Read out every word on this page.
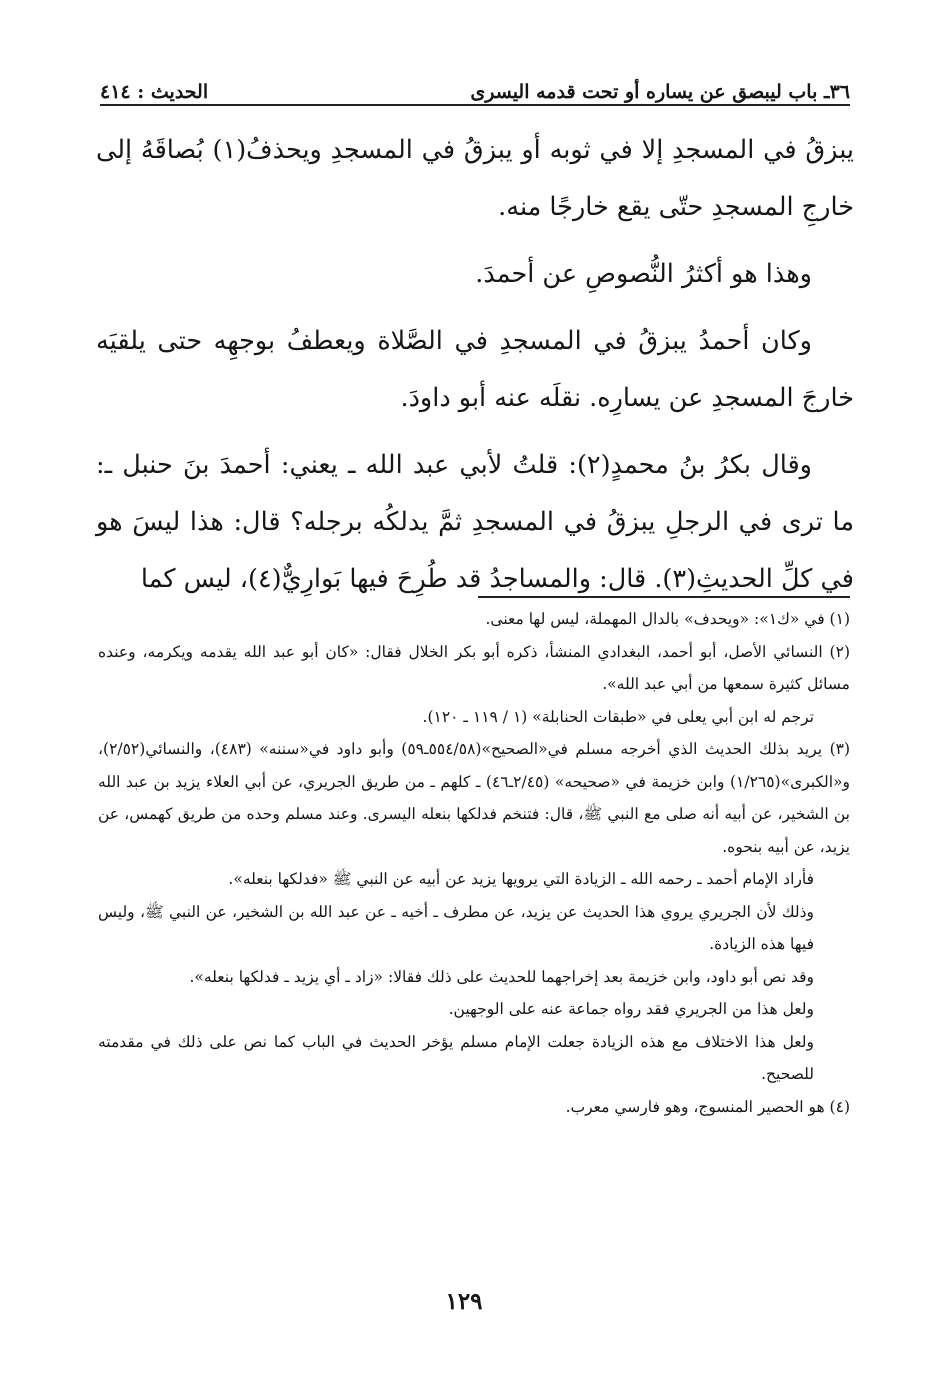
٣٦ـ باب ليبصق عن يساره أو تحت قدمه اليسرى
الحديث : ٤١٤

يبزقُ في المسجدِ إلا في ثوبه أو يبزقُ في المسجدِ ويحذفُ(١) بُصاقَهُ إلى خارجِ المسجدِ حتّى يقع خارجًا منه.

وهذا هو أكثرُ النُّصوصِ عن أحمدَ.

وكان أحمدُ يبزقُ في المسجدِ في الصَّلاة ويعطفُ بوجهِه حتى يلقيَه خارجَ المسجدِ عن يسارِه. نقلَه عنه أبو داودَ.

وقال بكرُ بنُ محمدٍ(٢): قلتُ لأبي عبد الله ـ يعني: أحمدَ بنَ حنبل ـ: ما ترى في الرجلِ يبزقُ في المسجدِ ثمَّ يدلكُه برجله؟ قال: هذا ليسَ هو في كلِّ الحديثِ(٣). قال: والمساجدُ قد طُرِحَ فيها بَوارِيٌّ(٤)، ليس كما

(١) في «ك١»: «ويحدف» بالدال المهملة، ليس لها معنى.

(٢) النسائي الأصل، أبو أحمد، البغدادي المنشأ، ذكره أبو بكر الخلال فقال: «كان أبو عبد الله يقدمه ويكرمه، وعنده مسائل كثيرة سمعها من أبي عبد الله».

ترجم له ابن أبي يعلى في «طبقات الحنابلة» (١ / ١١٩ ـ ١٢٠).

(٣) يريد بذلك الحديث الذي أخرجه مسلم في«الصحيح»(٥٥٤/٥٨ـ٥٩) وأبو داود في«سننه» (٤٨٣)، والنسائي(٢/٥٢)، و«الكبرى»(١/٢٦٥) وابن خزيمة في «صحيحه» (٢/٤٥ـ٤٦) ـ كلهم ـ من طريق الجريري، عن أبي العلاء يزيد بن عبد الله بن الشخير، عن أبيه أنه صلى مع النبي ﷺ، قال: فتنخم فدلكها بنعله اليسرى. وعند مسلم وحده من طريق كهمس، عن يزيد، عن أبيه بنحوه.

فأراد الإمام أحمد ـ رحمه الله ـ الزيادة التي يرويها يزيد عن أبيه عن النبي ﷺ «فدلكها بنعله».

وذلك لأن الجريري يروي هذا الحديث عن يزيد، عن مطرف ـ أخيه ـ عن عبد الله بن الشخير، عن النبي ﷺ، وليس فيها هذه الزيادة.

وقد نص أبو داود، وابن خزيمة بعد إخراجهما للحديث على ذلك فقالا: «زاد ـ أي يزيد ـ فدلكها بنعله».

ولعل هذا من الجريري فقد رواه جماعة عنه على الوجهين.

ولعل هذا الاختلاف مع هذه الزيادة جعلت الإمام مسلم يؤخر الحديث في الباب كما نص على ذلك في مقدمته للصحيح.

(٤) هو الحصير المنسوج، وهو فارسي معرب.

١٢٩
